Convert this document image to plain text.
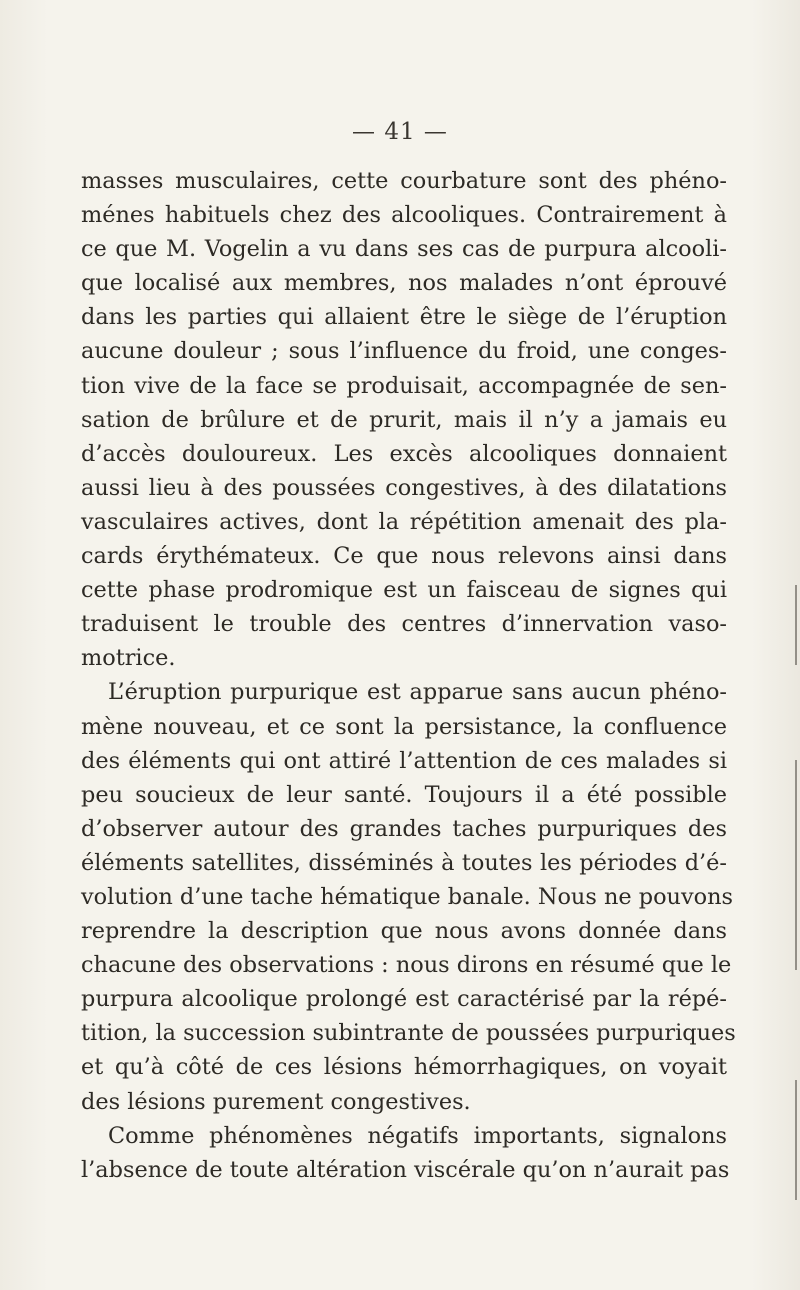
— 41 —
masses musculaires, cette courbature sont des phéno-
ménes habituels chez des alcooliques. Contrairement à
ce que M. Vogelin a vu dans ses cas de purpura alcooli-
que localisé aux membres, nos malades n’ont éprouvé
dans les parties qui allaient être le siège de l’éruption
aucune douleur ; sous l’influence du froid, une conges-
tion vive de la face se produisait, accompagnée de sen-
sation de brûlure et de prurit, mais il n’y a jamais eu
d’accès douloureux. Les excès alcooliques donnaient
aussi lieu à des poussées congestives, à des dilatations
vasculaires actives, dont la répétition amenait des pla-
cards érythémateux. Ce que nous relevons ainsi dans
cette phase prodromique est un faisceau de signes qui
traduisent le trouble des centres d’innervation vaso-
motrice.
L’éruption purpurique est apparue sans aucun phéno-
mène nouveau, et ce sont la persistance, la confluence
des éléments qui ont attiré l’attention de ces malades si
peu soucieux de leur santé. Toujours il a été possible
d’observer autour des grandes taches purpuriques des
éléments satellites, disséminés à toutes les périodes d’é-
volution d’une tache hématique banale. Nous ne pouvons
reprendre la description que nous avons donnée dans
chacune des observations : nous dirons en résumé que le
purpura alcoolique prolongé est caractérisé par la répé-
tition, la succession subintrante de poussées purpuriques
et qu’à côté de ces lésions hémorrhagiques, on voyait
des lésions purement congestives.
Comme phénomènes négatifs importants, signalons
l’absence de toute altération viscérale qu’on n’aurait pas
